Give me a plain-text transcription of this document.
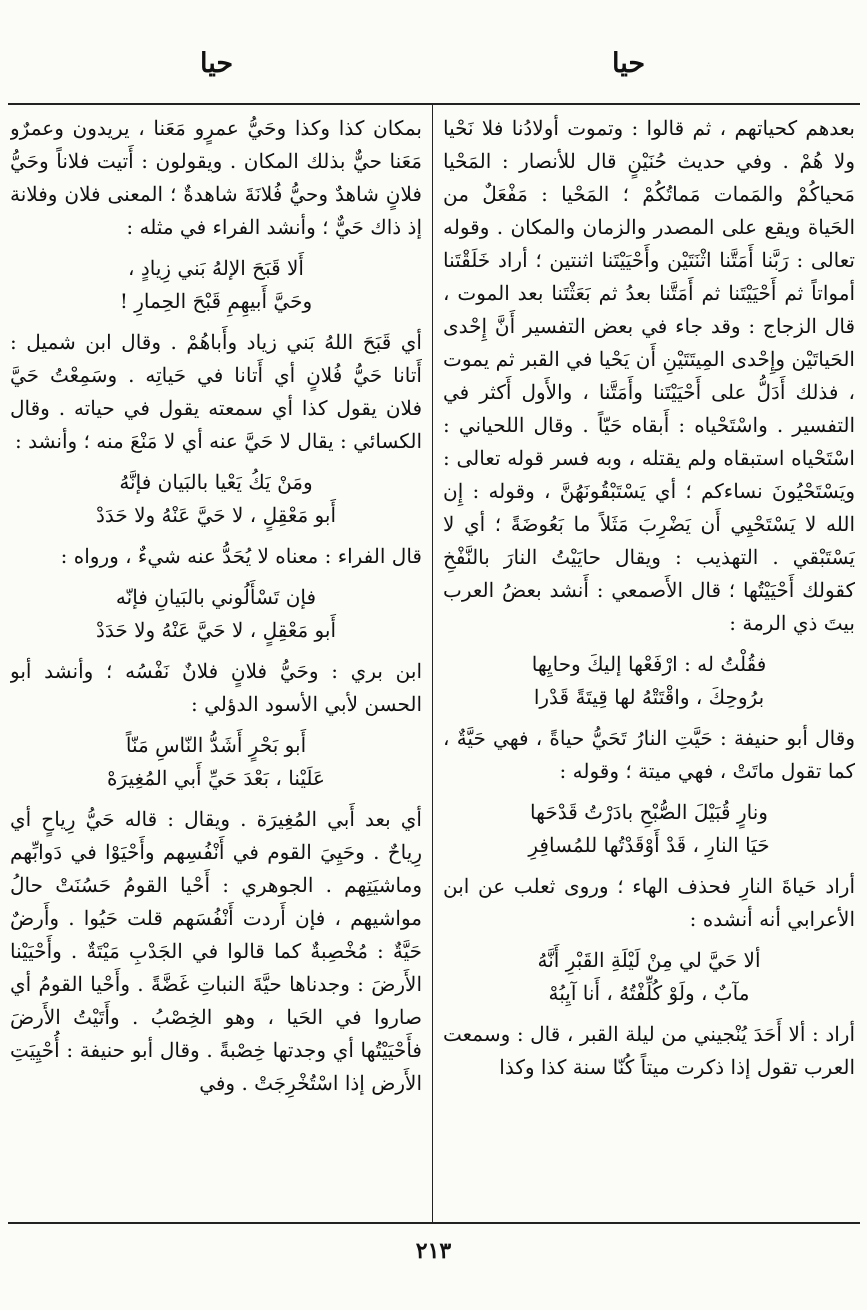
حيا
حيا

بعدهم كحياتهم ، ثم قالوا : وتموت أولادُنا فلا نَحْيا ولا هُمْ . وفي حديث حُنَيْنٍ قال للأنصار : المَحْيا مَحياكُمْ والمَمات مَماتُكُمْ ؛ المَحْيا : مَفْعَلٌ من الحَياة ويقع على المصدر والزمان والمكان . وقوله تعالى : رَبَّنا أَمَتَّنا اثْنَتَيْن وأَحْيَيْتَنا اثنتين ؛ أراد خَلَقْتَنا أمواتاً ثم أَحْيَيْتَنا ثم أَمَتَّنا بعدُ ثم بَعَثْتَنا بعد الموت ، قال الزجاج : وقد جاء في بعض التفسير أَنَّ إِحْدى الحَياتَيْن وإِحْدى المِيتَتَيْنِ أَن يَحْيا في القبر ثم يموت ، فذلك أَدَلُّ على أَحْيَيْتَنا وأَمَتَّنا ، والأَول أَكثر في التفسير . واسْتَحْياه : أَبقاه حَيّاً . وقال اللحياني : اسْتَحْياه استبقاه ولم يقتله ، وبه فسر قوله تعالى : ويَسْتَحْيُونَ نساءكم ؛ أي يَسْتَبْقُونَهُنَّ ، وقوله : إِن الله لا يَسْتَحْيِي أَن يَضْرِبَ مَثَلاً ما بَعُوضَةً ؛ أي لا يَسْتَبْقي . التهذيب : ويقال حايَيْتُ النارَ بالنَّفْخِ كقولك أَحْيَيْتُها ؛ قال الأَصمعي : أَنشد بعضُ العرب بيتَ ذي الرمة :

فقُلْتُ له : ارْفَعْها إليكَ وحايِها
برُوحِكَ ، واقْتَتْهُ لها قِيتَةً قَدْرا

وقال أبو حنيفة : حَيَّتِ النارُ تَحَيُّ حياةً ، فهي حَيَّةٌ ، كما تقول ماتَتْ ، فهي ميتة ؛ وقوله :

ونارٍ قُبَيْلَ الصُّبْحِ بادَرْتُ قَدْحَها
حَيَا النارِ ، قَدْ أَوْقَدْتُها للمُسافِرِ

أراد حَياةَ النارِ فحذف الهاء ؛ وروى ثعلب عن ابن الأعرابي أنه أنشده :

ألا حَيَّ لي مِنْ لَيْلَةِ القَبْرِ أَنَّهُ
مآبٌ ، ولَوْ كُلِّفْتُهُ ، أَنا آيِبُهْ

أراد : ألا أَحَدَ يُنْجيني من ليلة القبر ، قال : وسمعت العرب تقول إذا ذكرت ميتاً كُنّا سنة كذا وكذا

بمكان كذا وكذا وحَيُّ عمرٍو مَعَنا ، يريدون وعمرٌو مَعَنا حيٌّ بذلك المكان . ويقولون : أَتيت فلاناً وحَيُّ فلانٍ شاهدٌ وحيُّ فُلانَةَ شاهدةٌ ؛ المعنى فلان وفلانة إذ ذاك حَيٌّ ؛ وأنشد الفراء في مثله :

أَلا قَبَحَ الإلهُ بَني زِيادٍ ،
وحَيَّ أَبيهِمِ قَبْحَ الحِمارِ !

أي قَبَحَ اللهُ بَني زياد وأَباهُمْ . وقال ابن شميل : أَتانا حَيُّ فُلانٍ أي أَتانا في حَياتِه . وسَمِعْتُ حَيَّ فلان يقول كذا أي سمعته يقول في حياته . وقال الكسائي : يقال لا حَيَّ عنه أي لا مَنْعَ منه ؛ وأنشد :

ومَنْ يَكُ يَعْيا بالبَيان فإنَّهُ
أَبو مَعْقِلٍ ، لا حَيَّ عَنْهُ ولا حَدَدْ

قال الفراء : معناه لا يُحَدُّ عنه شيءٌ ، ورواه :

فإن تَسْأَلُوني بالبَيانِ فإنّه
أَبو مَعْقِلٍ ، لا حَيَّ عَنْهُ ولا حَدَدْ

ابن بري : وحَيُّ فلانٍ فلانٌ نَفْسُه ؛ وأنشد أبو الحسن لأبي الأسود الدؤلي :

أَبو بَحْرٍ أَشَدُّ النّاسِ مَنّاً
عَلَيْنا ، بَعْدَ حَيِّ أَبي المُغِيرَهْ

أي بعد أَبي المُغِيرَة . ويقال : قاله حَيُّ رِياحٍ أي رِياحٌ . وحَيِيَ القوم في أَنْفُسِهم وأَحْيَوْا في دَوابِّهم وماشيَتِهم . الجوهري : أَحْيا القومُ حَسُنَتْ حالُ مواشيهم ، فإن أَردت أَنْفُسَهم قلت حَيُوا . وأَرضٌ حَيَّةٌ : مُخْصِبةٌ كما قالوا في الجَدْبِ مَيْتَةٌ . وأَحْيَيْنا الأَرضَ : وجدناها حيَّةَ النباتِ غَضَّةً . وأَحْيا القومُ أي صاروا في الحَيا ، وهو الخِصْبُ . وأَتَيْتُ الأَرضَ فأَحْيَيْتُها أي وجدتها خِصْبةً . وقال أبو حنيفة : أُحْيِيَتِ الأَرض إذا اسْتُخْرِجَتْ . وفي

٢١٣
